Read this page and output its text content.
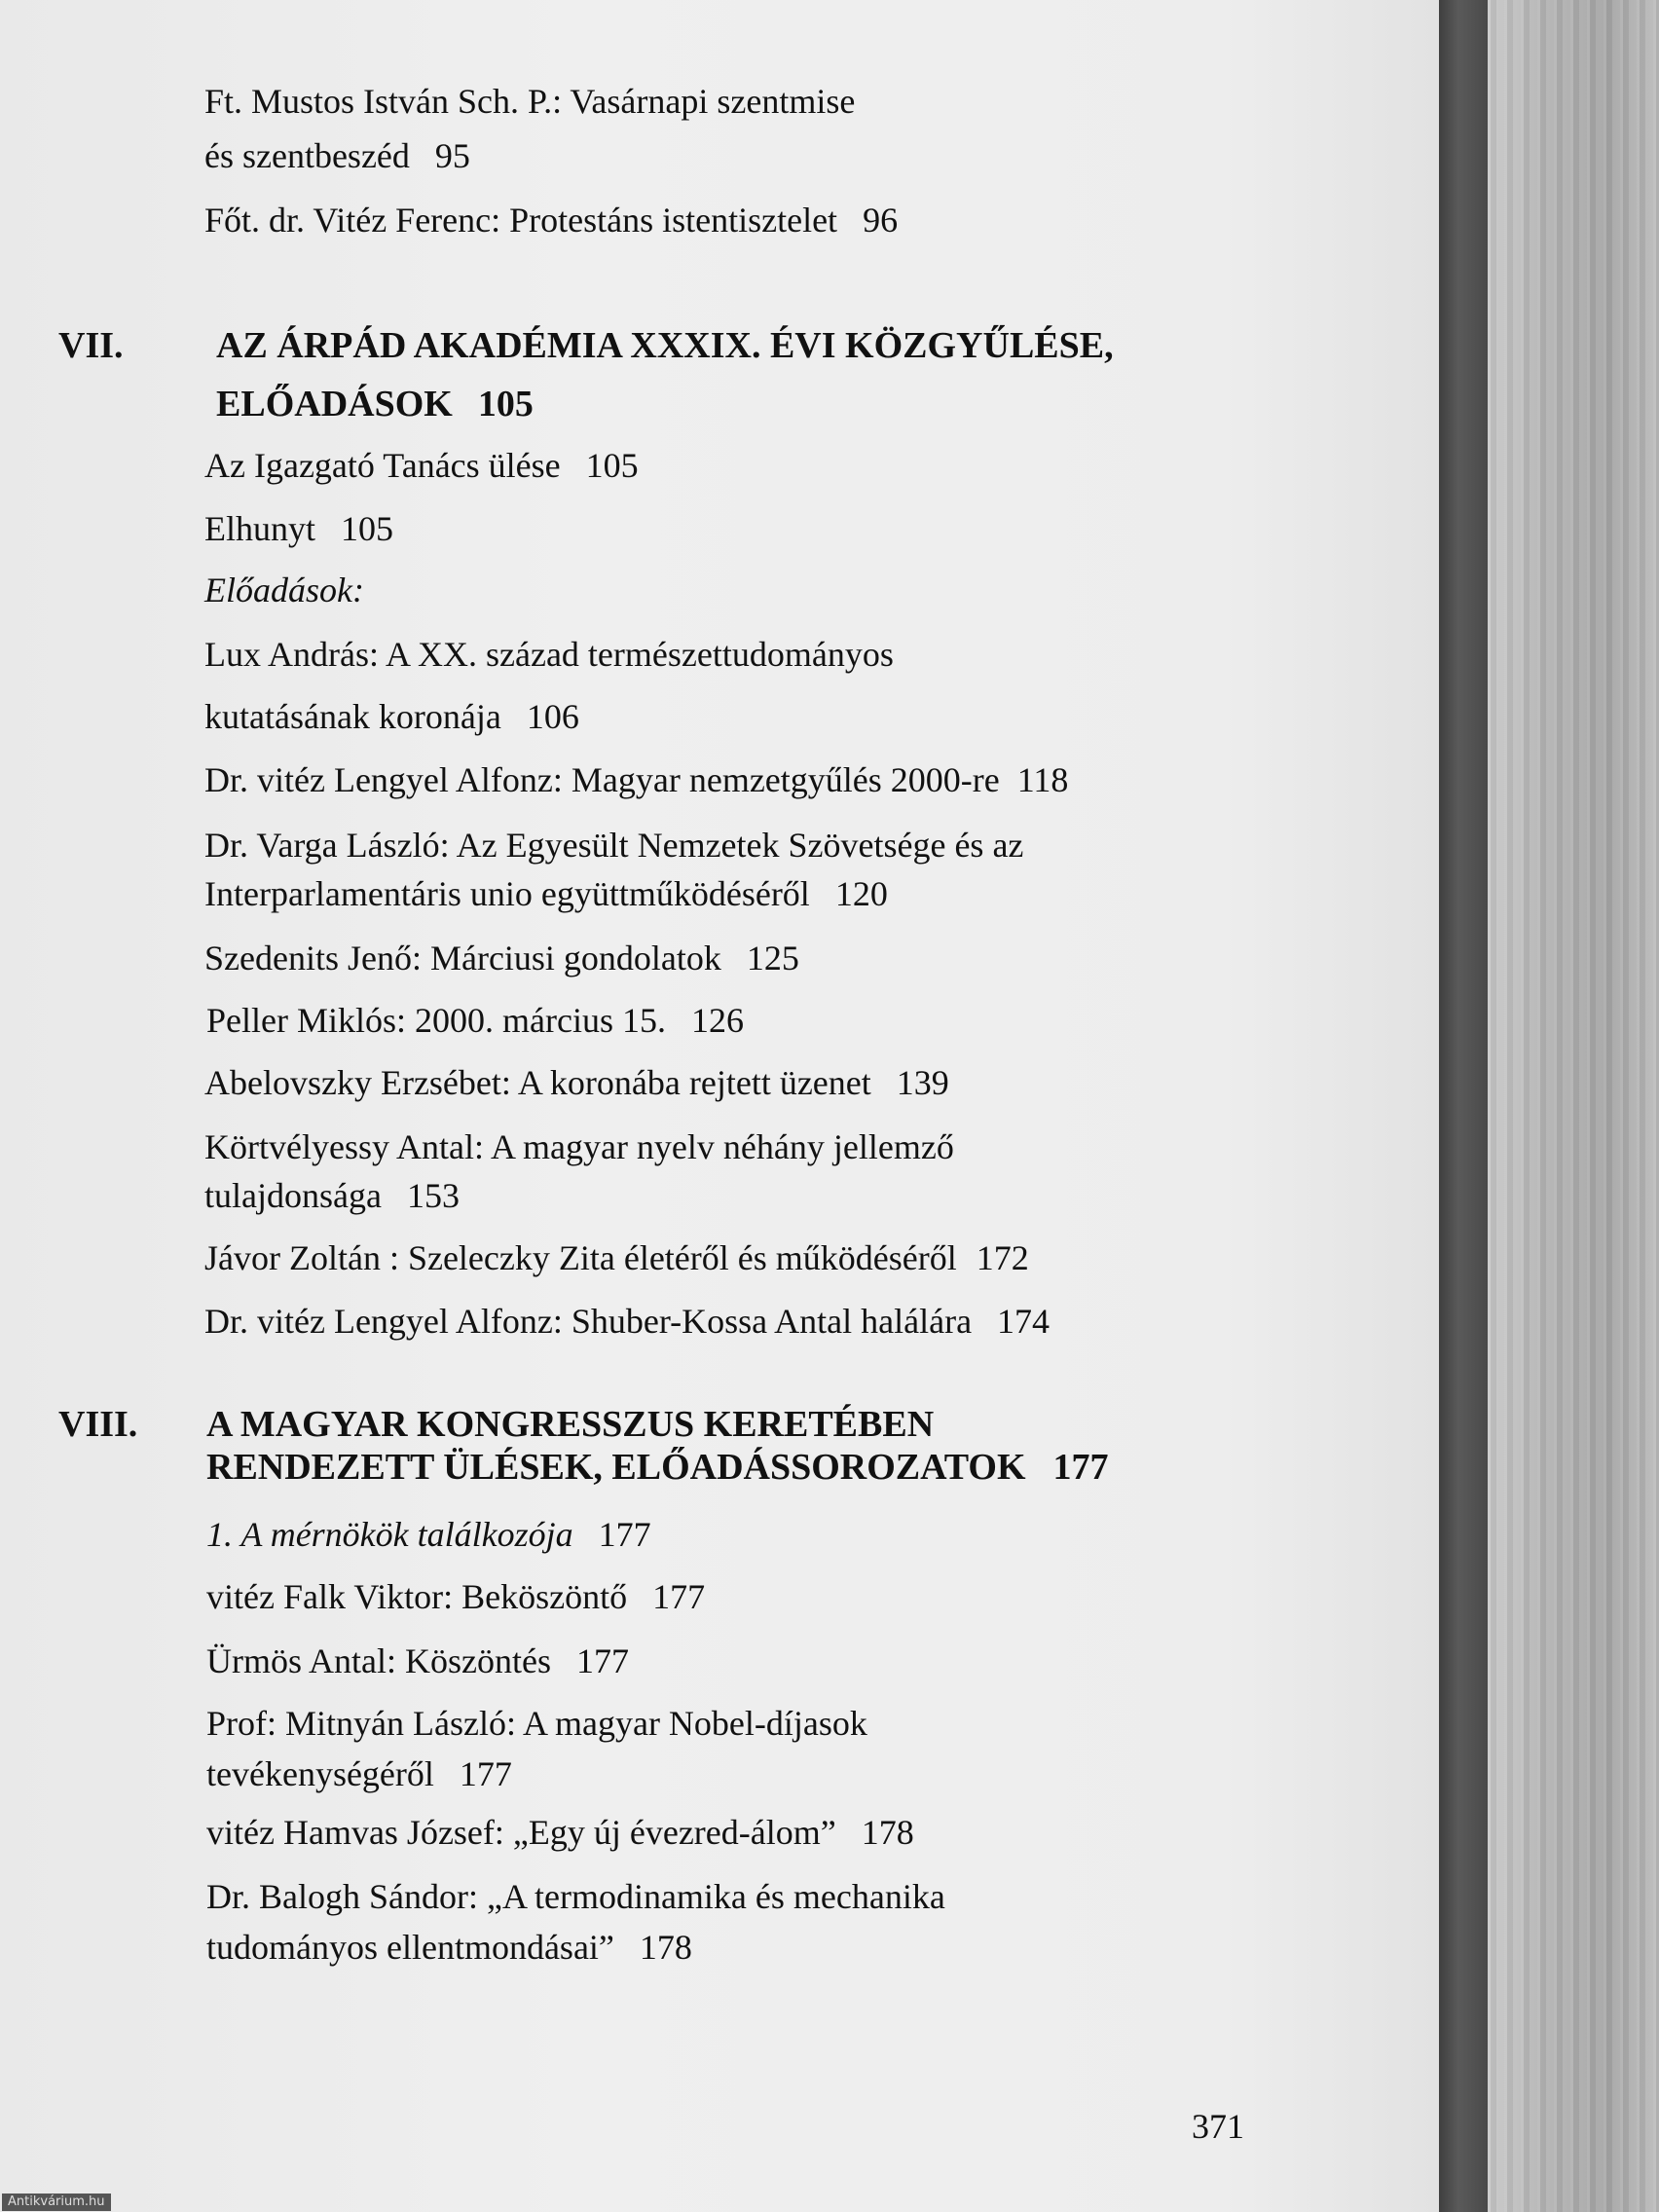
Ft. Mustos István Sch. P.: Vasárnapi szentmise

és szentbeszéd 95

Főt. dr. Vitéz Ferenc: Protestáns istentisztelet 96

VII.	AZ ÁRPÁD AKADÉMIA XXXIX. ÉVI KÖZGYŰLÉSE,

ELŐADÁSOK 105

Az Igazgató Tanács ülése 105

Elhunyt 105

Előadások:

Lux András: A XX. század természettudományos

kutatásának koronája 106

Dr. vitéz Lengyel Alfonz: Magyar nemzetgyűlés 2000-re 118

Dr. Varga László: Az Egyesült Nemzetek Szövetsége és az

Interparlamentáris unio együttműködéséről 120

Szedenits Jenő: Márciusi gondolatok 125

Peller Miklós: 2000. március 15. 126

Abelovszky Erzsébet: A koronába rejtett üzenet 139

Körtvélyessy Antal: A magyar nyelv néhány jellemző

tulajdonsága 153

Jávor Zoltán : Szeleczky Zita életéről és működéséről 172

Dr. vitéz Lengyel Alfonz: Shuber-Kossa Antal halálára 174

VIII. A MAGYAR KONGRESSZUS KERETÉBEN

RENDEZETT ÜLÉSEK, ELŐADÁSSOROZATOK 177

1. A mérnökök találkozója 177

vitéz Falk Viktor: Beköszöntő 177

Ürmös Antal: Köszöntés 177

Prof: Mitnyán László: A magyar Nobel-díjasok

tevékenységéről 177

vitéz Hamvas József: „Egy új évezred-álom” 178

Dr. Balogh Sándor: „A termodinamika és mechanika

tudományos ellentmondásai” 178

371

Antikvárium.hu
